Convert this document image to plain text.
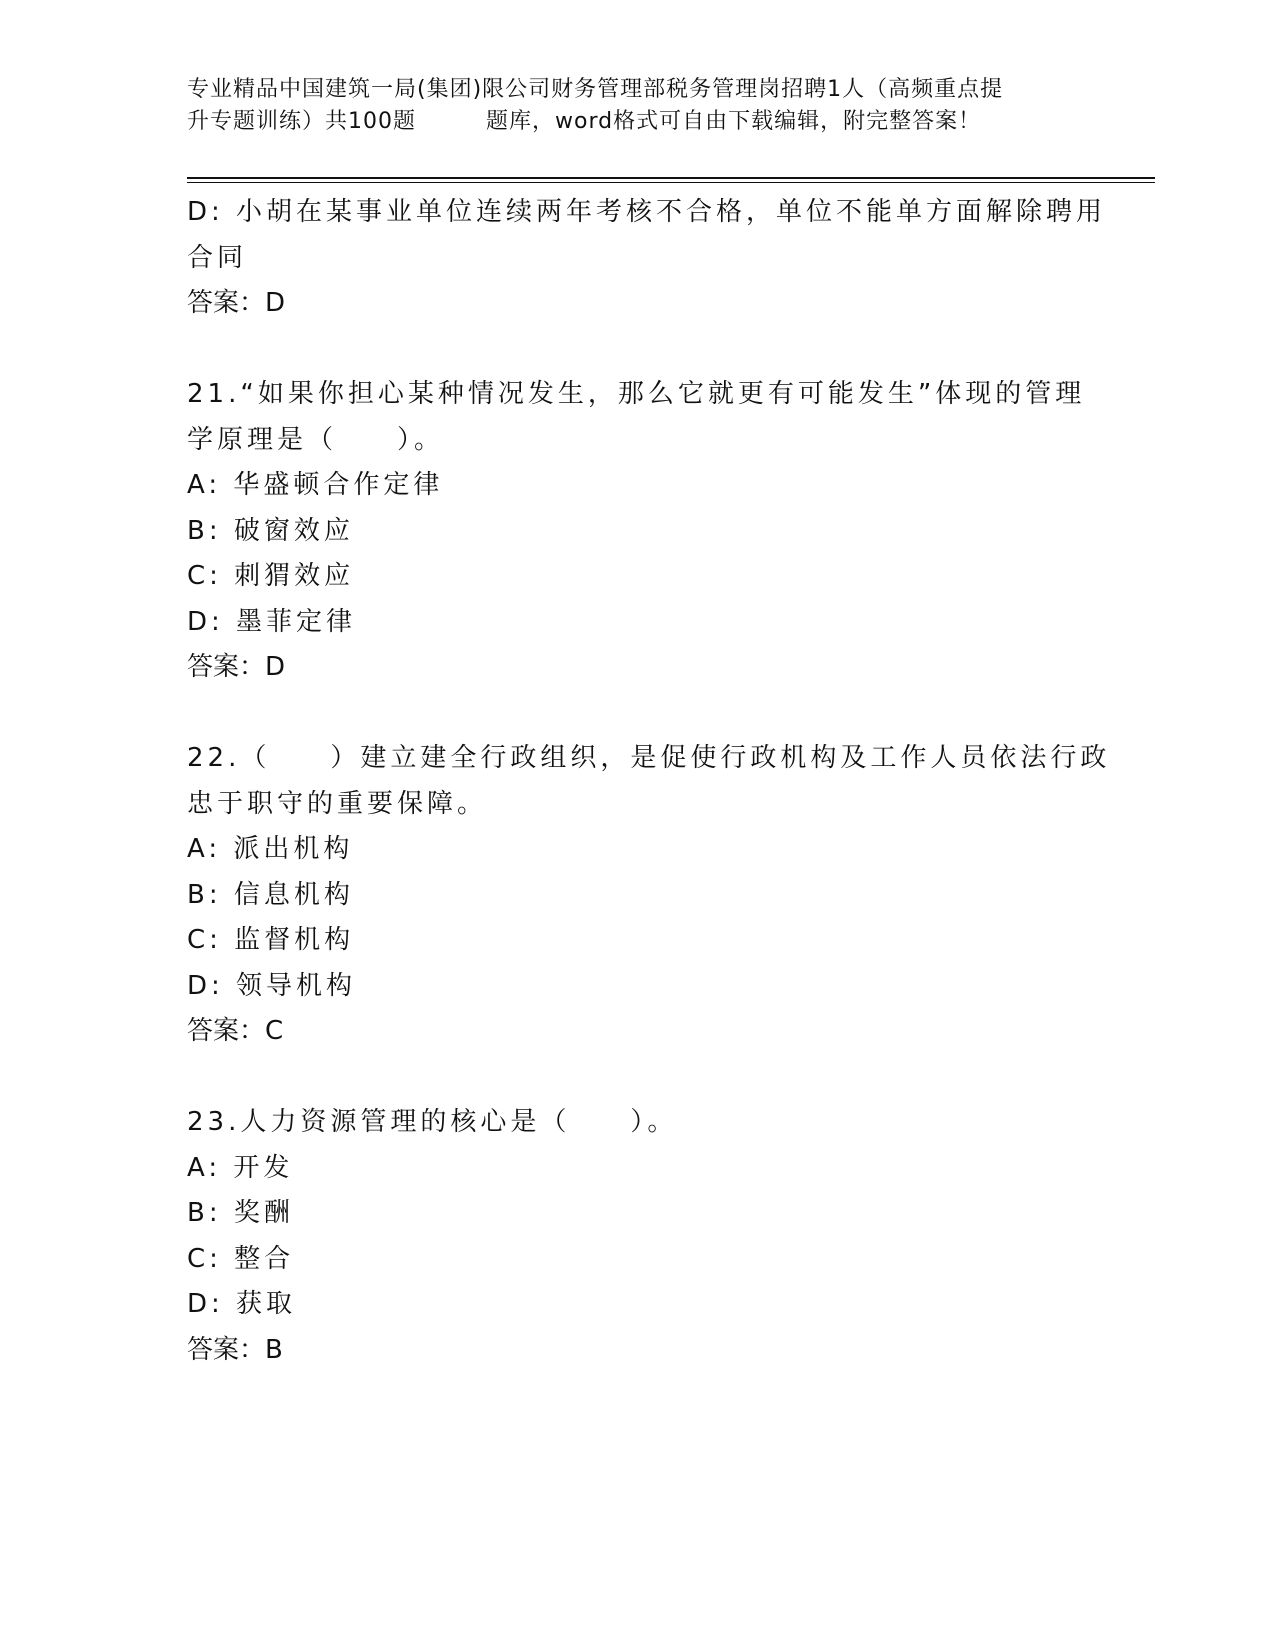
专业精品中国建筑一局(集团)限公司财务管理部税务管理岗招聘1人（高频重点提
升专题训练）共100题	题库，word格式可自由下载编辑，附完整答案！
D: 小胡在某事业单位连续两年考核不合格，单位不能单方面解除聘用
合同
答案：D
21.“如果你担心某种情况发生，那么它就更有可能发生”体现的管理
学原理是（　　）。
A: 华盛顿合作定律
B: 破窗效应
C: 刺猬效应
D: 墨菲定律
答案：D
22.（　　）建立建全行政组织，是促使行政机构及工作人员依法行政
忠于职守的重要保障。
A: 派出机构
B: 信息机构
C: 监督机构
D: 领导机构
答案：C
23.人力资源管理的核心是（　　）。
A: 开发
B: 奖酬
C: 整合
D: 获取
答案：B
